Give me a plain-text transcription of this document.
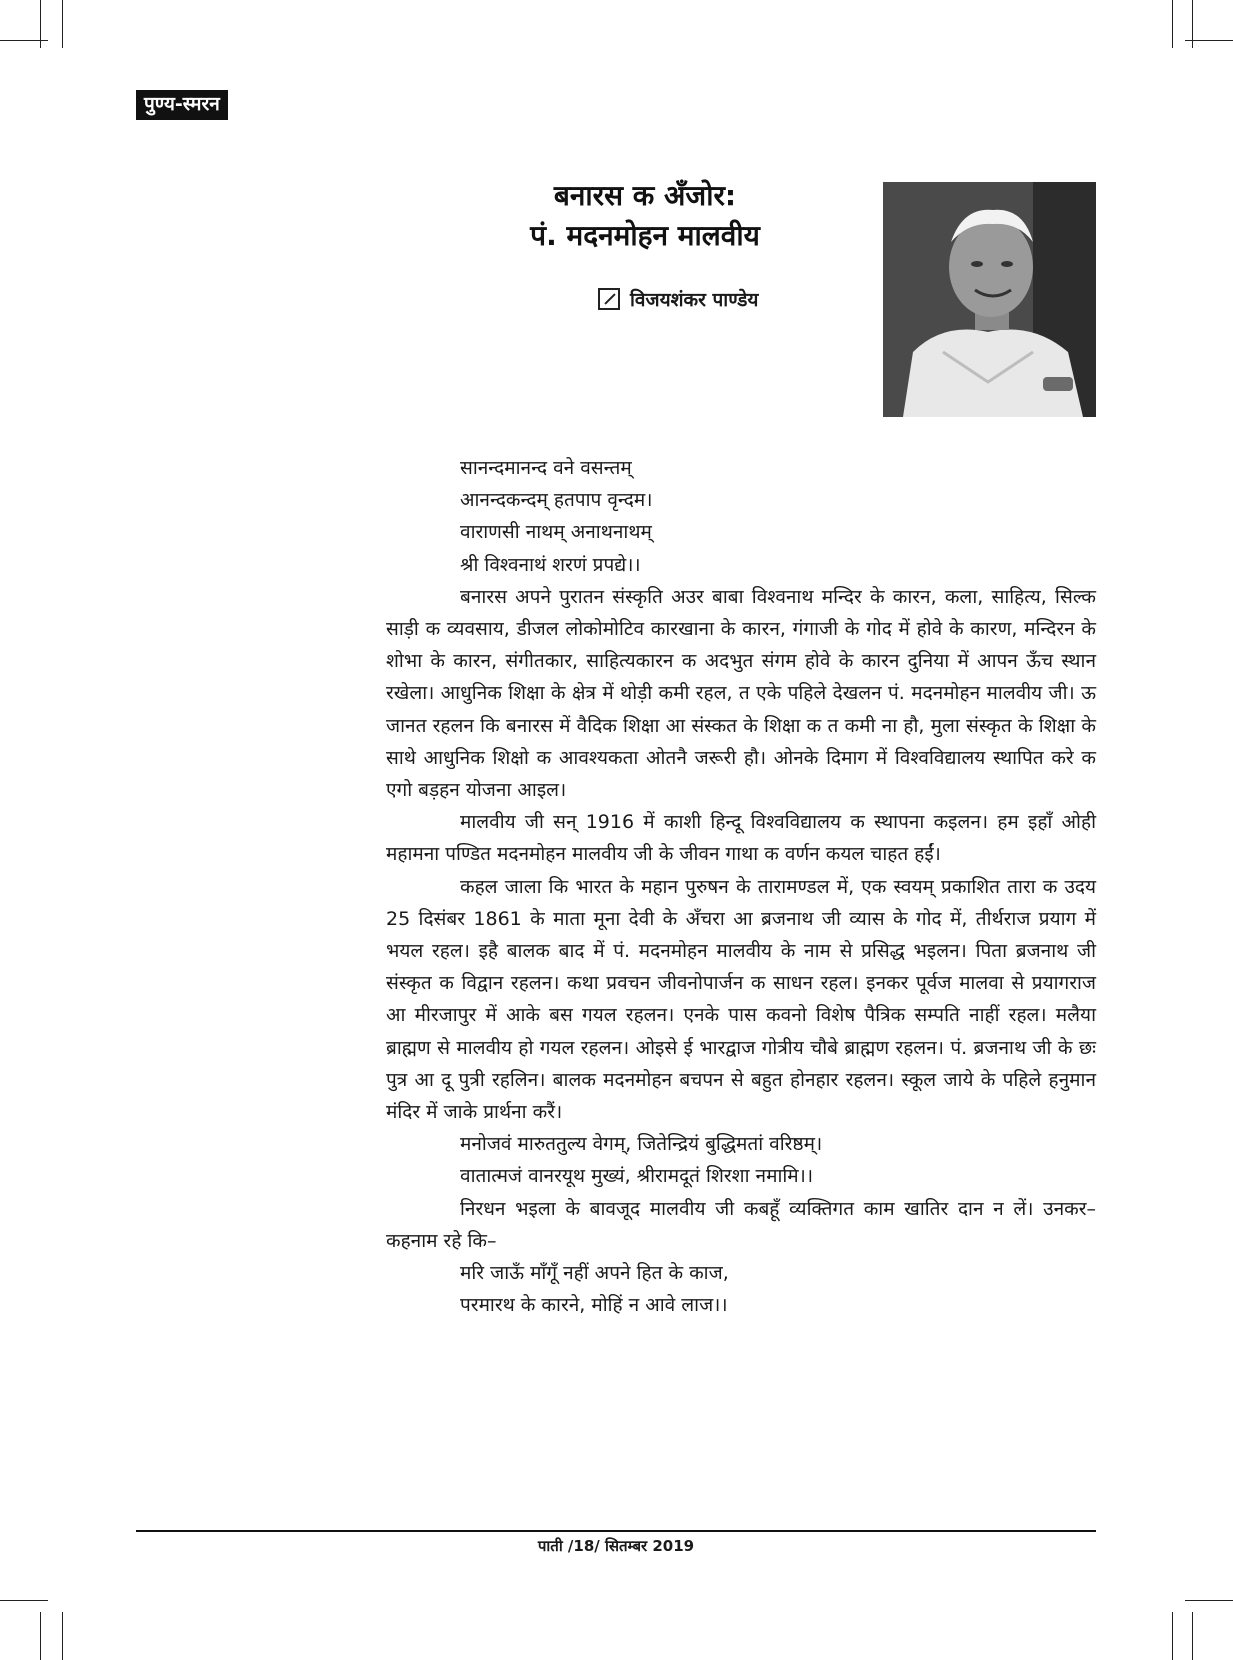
पुण्य-स्मरन
बनारस क अँजोर:
पं. मदनमोहन मालवीय
विजयशंकर पाण्डेय
सानन्दमानन्द वने वसन्तम्
आनन्दकन्दम् हतपाप वृन्दम।
वाराणसी नाथम् अनाथनाथम्
श्री विश्वनाथं शरणं प्रपद्ये।।

बनारस अपने पुरातन संस्कृति अउर बाबा विश्वनाथ मन्दिर के कारन, कला, साहित्य, सिल्क साड़ी क व्यवसाय, डीजल लोकोमोटिव कारखाना के कारन, गंगाजी के गोद में होवे के कारण, मन्दिरन के शोभा के कारन, संगीतकार, साहित्यकारन क अदभुत संगम होवे के कारन दुनिया में आपन ऊँच स्थान रखेला। आधुनिक शिक्षा के क्षेत्र में थोड़ी कमी रहल, त एके पहिले देखलन पं. मदनमोहन मालवीय जी। ऊ जानत रहलन कि बनारस में वैदिक शिक्षा आ संस्कत के शिक्षा क त कमी ना हौ, मुला संस्कृत के शिक्षा के साथे आधुनिक शिक्षो क आवश्यकता ओतनै जरूरी हौ। ओनके दिमाग में विश्वविद्यालय स्थापित करे क एगो बड़हन योजना आइल।

मालवीय जी सन् 1916 में काशी हिन्दू विश्वविद्यालय क स्थापना कइलन। हम इहाँ ओही महामना पण्डित मदनमोहन मालवीय जी के जीवन गाथा क वर्णन कयल चाहत हईं।

कहल जाला कि भारत के महान पुरुषन के तारामण्डल में, एक स्वयम् प्रकाशित तारा क उदय 25 दिसंबर 1861 के माता मूना देवी के अँचरा आ ब्रजनाथ जी व्यास के गोद में, तीर्थराज प्रयाग में भयल रहल। इहै बालक बाद में पं. मदनमोहन मालवीय के नाम से प्रसिद्ध भइलन। पिता ब्रजनाथ जी संस्कृत क विद्वान रहलन। कथा प्रवचन जीवनोपार्जन क साधन रहल। इनकर पूर्वज मालवा से प्रयागराज आ मीरजापुर में आके बस गयल रहलन। एनके पास कवनो विशेष पैत्रिक सम्पति नाहीं रहल। मलैया ब्राह्मण से मालवीय हो गयल रहलन। ओइसे ई भारद्वाज गोत्रीय चौबे ब्राह्मण रहलन। पं. ब्रजनाथ जी के छः पुत्र आ दू पुत्री रहलिन। बालक मदनमोहन बचपन से बहुत होनहार रहलन। स्कूल जाये के पहिले हनुमान मंदिर में जाके प्रार्थना करैं।

मनोजवं मारुततुल्य वेगम्, जितेन्द्रियं बुद्धिमतां वरिष्ठम्।
वातात्मजं वानरयूथ मुख्यं, श्रीरामदूतं शिरशा नमामि।।

निरधन भइला के बावजूद मालवीय जी कबहूँ व्यक्तिगत काम खातिर दान न लें। उनकर–कहनाम रहे कि–

मरि जाऊँ माँगूँ नहीं अपने हित के काज,
परमारथ के कारने, मोहिं न आवे लाज।।
पाती /18/ सितम्बर 2019
